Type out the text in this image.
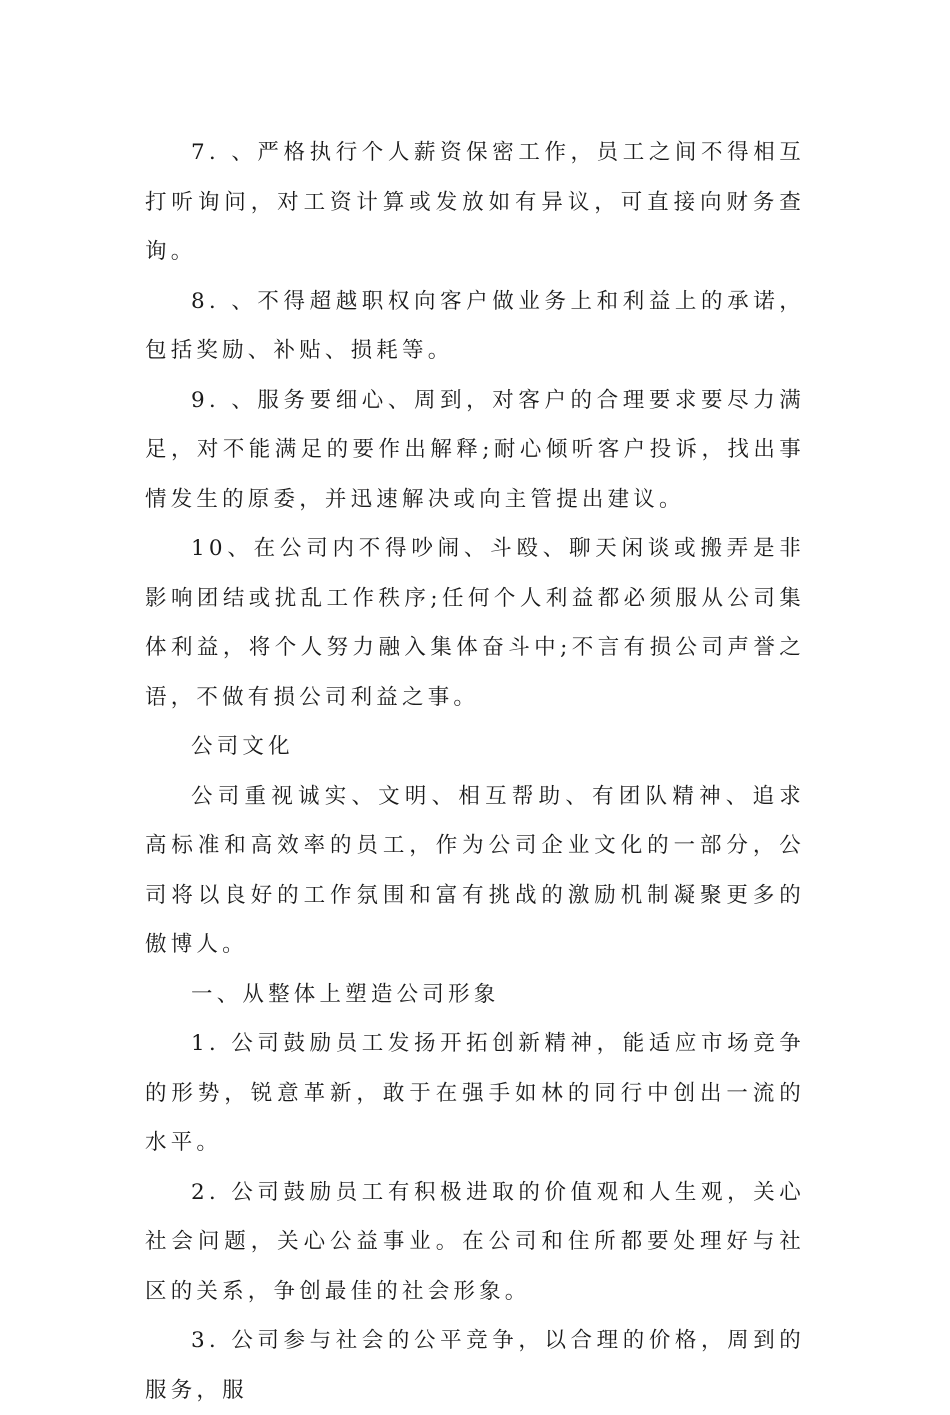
7. 、严格执行个人薪资保密工作，员工之间不得相互打听询问，对工资计算或发放如有异议，可直接向财务查询。

8. 、不得超越职权向客户做业务上和利益上的承诺，包括奖励、补贴、损耗等。

9. 、服务要细心、周到，对客户的合理要求要尽力满足，对不能满足的要作出解释;耐心倾听客户投诉，找出事情发生的原委，并迅速解决或向主管提出建议。

10、在公司内不得吵闹、斗殴、聊天闲谈或搬弄是非影响团结或扰乱工作秩序;任何个人利益都必须服从公司集体利益，将个人努力融入集体奋斗中;不言有损公司声誉之语，不做有损公司利益之事。

公司文化

公司重视诚实、文明、相互帮助、有团队精神、追求高标准和高效率的员工，作为公司企业文化的一部分，公司将以良好的工作氛围和富有挑战的激励机制凝聚更多的傲博人。

一、从整体上塑造公司形象

1. 公司鼓励员工发扬开拓创新精神，能适应市场竞争的形势，锐意革新，敢于在强手如林的同行中创出一流的水平。

2. 公司鼓励员工有积极进取的价值观和人生观，关心社会问题，关心公益事业。在公司和住所都要处理好与社区的关系，争创最佳的社会形象。

3. 公司参与社会的公平竞争，以合理的价格，周到的服务，服
